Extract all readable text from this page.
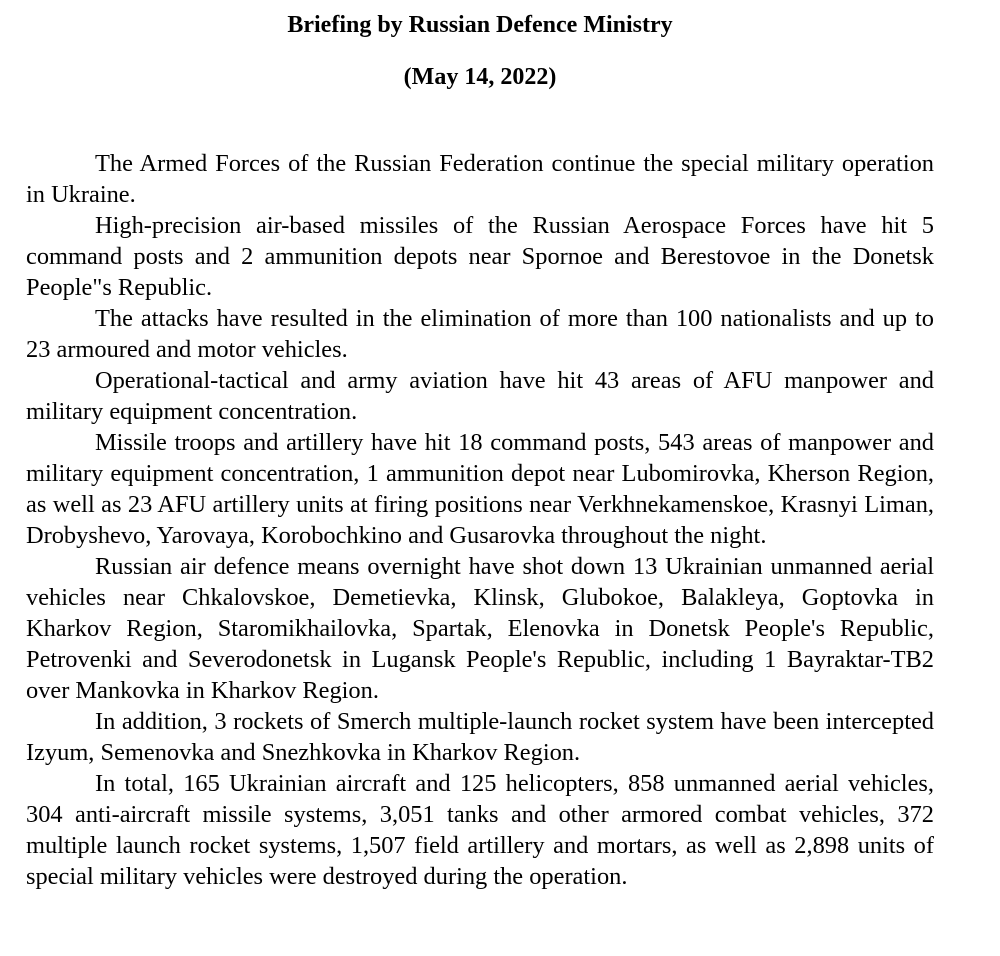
Briefing by Russian Defence Ministry
(May 14, 2022)

The Armed Forces of the Russian Federation continue the special military operation in Ukraine.

High-precision air-based missiles of the Russian Aerospace Forces have hit 5 command posts and 2 ammunition depots near Spornoe and Berestovoe in the Donetsk People"s Republic.

The attacks have resulted in the elimination of more than 100 nationalists and up to 23 armoured and motor vehicles.

Operational-tactical and army aviation have hit 43 areas of AFU manpower and military equipment concentration.

Missile troops and artillery have hit 18 command posts, 543 areas of manpower and military equipment concentration, 1 ammunition depot near Lubomirovka, Kherson Region, as well as 23 AFU artillery units at firing positions near Verkhnekamenskoe, Krasnyi Liman, Drobyshevo, Yarovaya, Korobochkino and Gusarovka throughout the night.

Russian air defence means overnight have shot down 13 Ukrainian unmanned aerial vehicles near Chkalovskoe, Demetievka, Klinsk, Glubokoe, Balakleya, Goptovka in Kharkov Region, Staromikhailovka, Spartak, Elenovka in Donetsk People's Republic, Petrovenki and Severodonetsk in Lugansk People's Republic, including 1 Bayraktar-TB2 over Mankovka in Kharkov Region.

In addition, 3 rockets of Smerch multiple-launch rocket system have been intercepted Izyum, Semenovka and Snezhkovka in Kharkov Region.

In total, 165 Ukrainian aircraft and 125 helicopters, 858 unmanned aerial vehicles, 304 anti-aircraft missile systems, 3,051 tanks and other armored combat vehicles, 372 multiple launch rocket systems, 1,507 field artillery and mortars, as well as 2,898 units of special military vehicles were destroyed during the operation.
